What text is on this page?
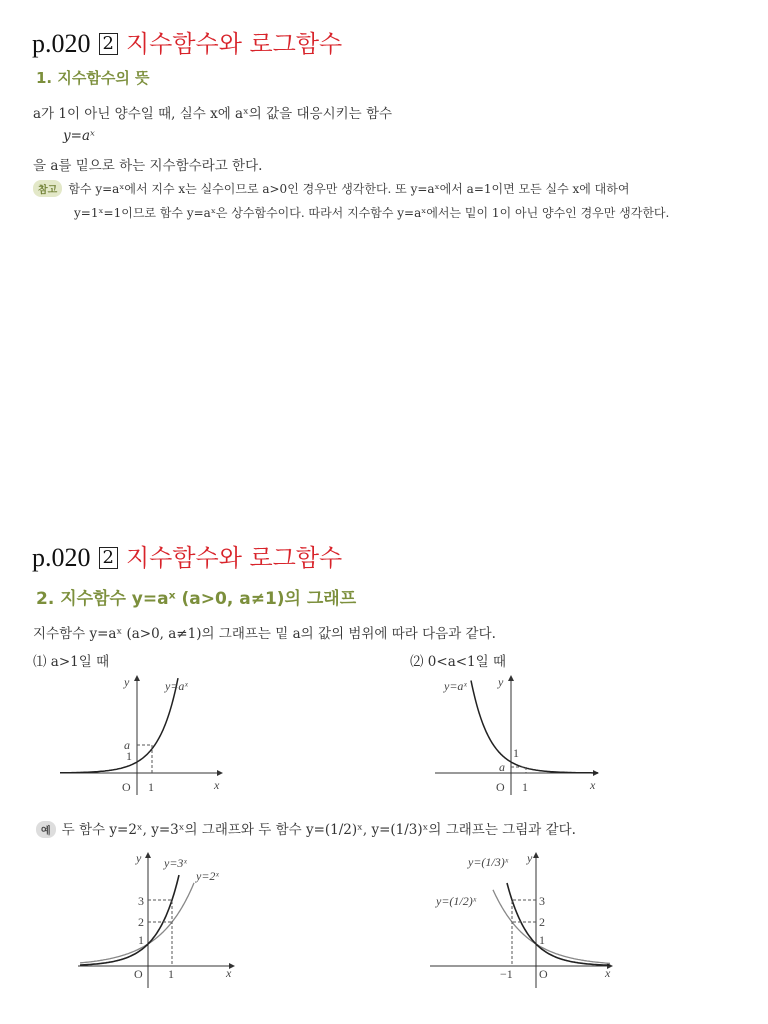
p.020 2 지수함수와 로그함수
1. 지수함수의 뜻
a가 1이 아닌 양수일 때, 실수 x에 aˣ의 값을 대응시키는 함수
y=aˣ
을 a를 밑으로 하는 지수함수라고 한다.
참고 함수 y=aˣ에서 지수 x는 실수이므로 a>0인 경우만 생각한다. 또 y=aˣ에서 a=1이면 모든 실수 x에 대하여
y=1ˣ=1이므로 함수 y=aˣ은 상수함수이다. 따라서 지수함수 y=aˣ에서는 밑이 1이 아닌 양수인 경우만 생각한다.
p.020 2 지수함수와 로그함수
2. 지수함수 y=aˣ (a>0, a≠1)의 그래프
지수함수 y=aˣ (a>0, a≠1)의 그래프는 밑 a의 값의 범위에 따라 다음과 같다.
⑴ a>1일 때	⑵ 0<a<1일 때
예 두 함수 y=2ˣ, y=3ˣ의 그래프와 두 함수 y=(1/2)ˣ, y=(1/3)ˣ의 그래프는 그림과 같다.
y
x
O 1
1
a
y=aˣ	y
x
O 1
1
a
y=aˣ
y
x
O 1
1
2
3
y=3ˣ
y=2ˣ
y
x
O
−1
1
2
3
y=(1/3)ˣ
y=(1/2)ˣ
